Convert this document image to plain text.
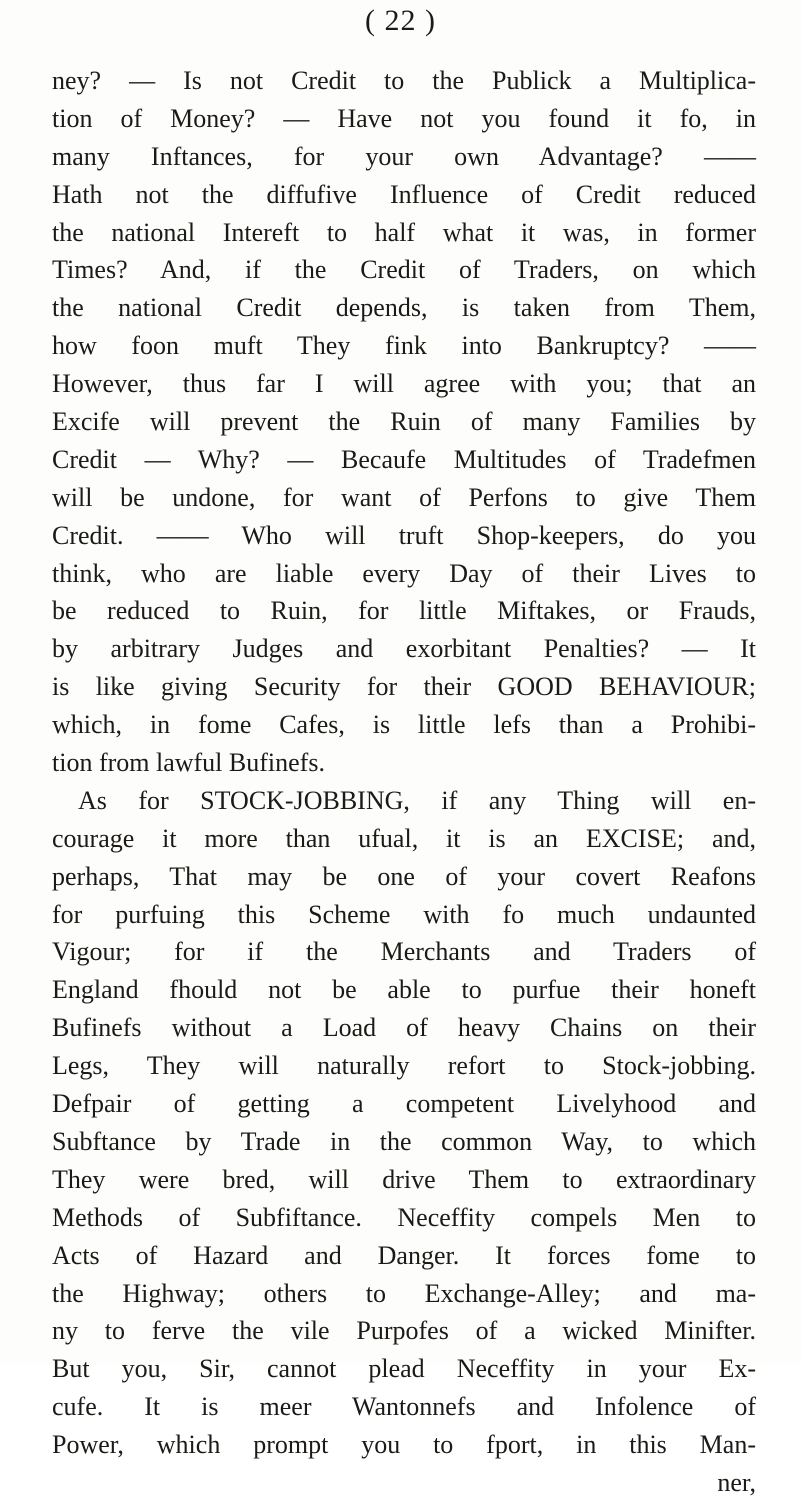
( 22 )
ney? — Is not Credit to the Publick a Multiplica-
tion of Money? — Have not you found it fo, in
many Inftances, for your own Advantage? ——
Hath not the diffufive Influence of Credit reduced
the national Intereft to half what it was, in former
Times? And, if the Credit of Traders, on which
the national Credit depends, is taken from Them,
how foon muft They fink into Bankruptcy? ——
However, thus far I will agree with you; that an
Excife will prevent the Ruin of many Families by
Credit — Why? — Becaufe Multitudes of Tradefmen
will be undone, for want of Perfons to give Them
Credit. —— Who will truft Shop-keepers, do you
think, who are liable every Day of their Lives to
be reduced to Ruin, for little Miftakes, or Frauds,
by arbitrary Judges and exorbitant Penalties? — It
is like giving Security for their GOOD BEHAVIOUR;
which, in fome Cafes, is little lefs than a Prohibi-
tion from lawful Bufinefs.
As for STOCK-JOBBING, if any Thing will en-
courage it more than ufual, it is an EXCISE; and,
perhaps, That may be one of your covert Reafons
for purfuing this Scheme with fo much undaunted
Vigour; for if the Merchants and Traders of
England fhould not be able to purfue their honeft
Bufinefs without a Load of heavy Chains on their
Legs, They will naturally refort to Stock-jobbing.
Defpair of getting a competent Livelyhood and
Subftance by Trade in the common Way, to which
They were bred, will drive Them to extraordinary
Methods of Subfiftance. Neceffity compels Men to
Acts of Hazard and Danger. It forces fome to
the Highway; others to Exchange-Alley; and ma-
ny to ferve the vile Purpofes of a wicked Minifter.
But you, Sir, cannot plead Neceffity in your Ex-
cufe. It is meer Wantonnefs and Infolence of
Power, which prompt you to fport, in this Man-
ner,
